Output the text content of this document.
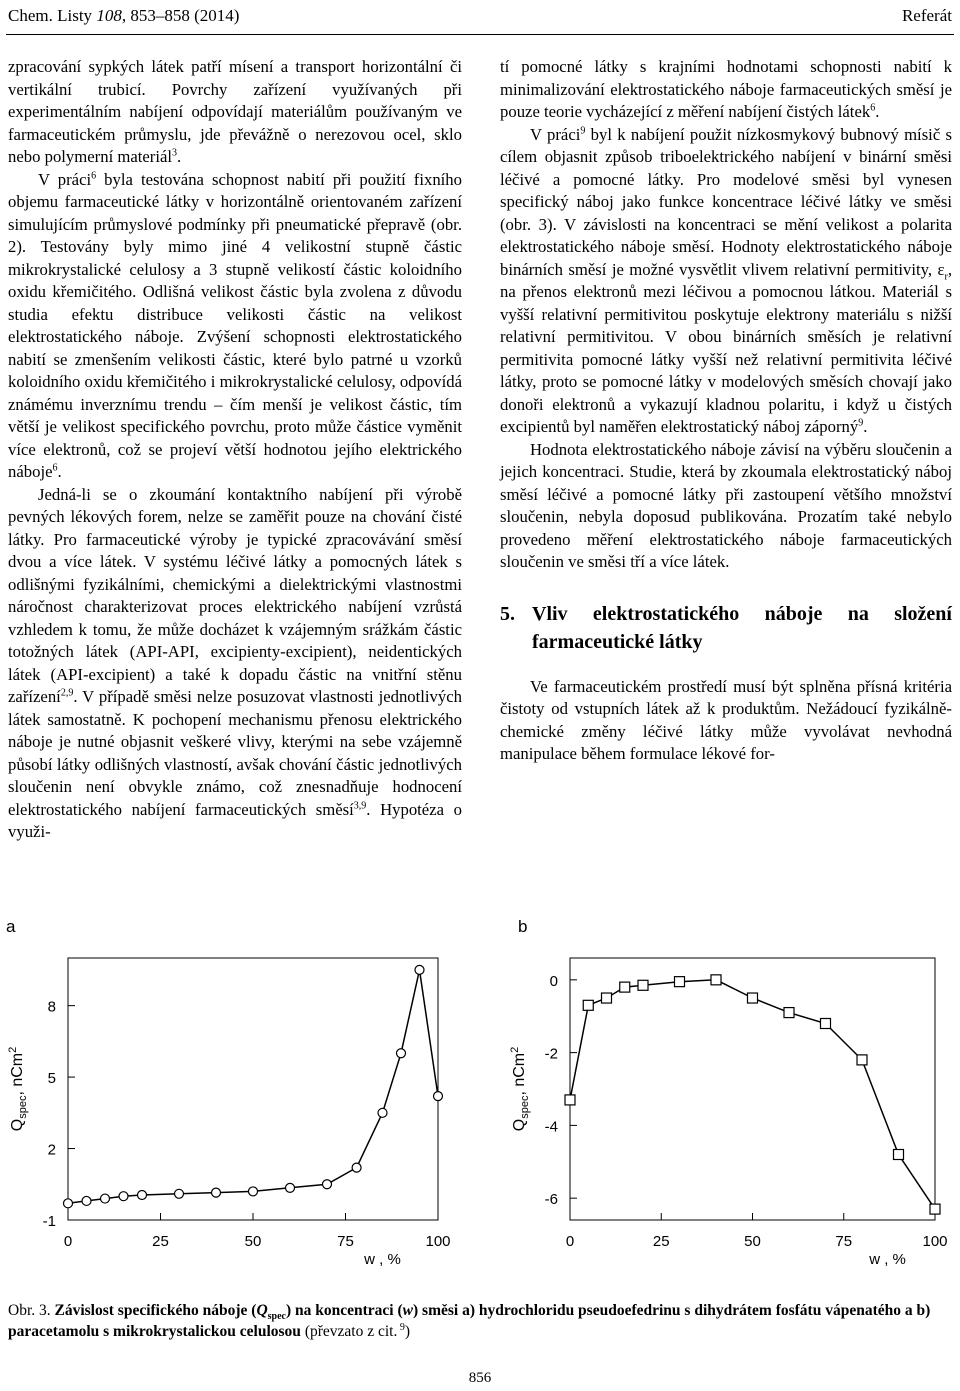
Chem. Listy 108, 853–858 (2014)	Referát

zpracování sypkých látek patří mísení a transport horizontální či vertikální trubicí. Povrchy zařízení využívaných při experimentálním nabíjení odpovídají materiálům používaným ve farmaceutickém průmyslu, jde převážně o nerezovou ocel, sklo nebo polymerní materiál$^3$.

V práci$^6$ byla testována schopnost nabití při použití fixního objemu farmaceutické látky v horizontálně orientovaném zařízení simulujícím průmyslové podmínky při pneumatické přepravě (obr. 2). Testovány byly mimo jiné 4 velikostní stupně částic mikrokrystalické celulosy a 3 stupně velikostí částic koloidního oxidu křemičitého. Odlišná velikost částic byla zvolena z důvodu studia efektu distribuce velikosti částic na velikost elektrostatického náboje. Zvýšení schopnosti elektrostatického nabití se zmenšením velikosti částic, které bylo patrné u vzorků koloidního oxidu křemičitého i mikrokrystalické celulosy, odpovídá známému inverznímu trendu – čím menší je velikost částic, tím větší je velikost specifického povrchu, proto může částice vyměnit více elektronů, což se projeví větší hodnotou jejího elektrického náboje$^6$.

Jedná-li se o zkoumání kontaktního nabíjení při výrobě pevných lékových forem, nelze se zaměřit pouze na chování čisté látky. Pro farmaceutické výroby je typické zpracovávání směsí dvou a více látek. V systému léčivé látky a pomocných látek s odlišnými fyzikálními, chemickými a dielektrickými vlastnostmi náročnost charakterizovat proces elektrického nabíjení vzrůstá vzhledem k tomu, že může docházet k vzájemným srážkám částic totožných látek (API-API, excipienty-excipient), neidentických látek (API-excipient) a také k dopadu částic na vnitřní stěnu zařízení$^{2,9}$. V případě směsi nelze posuzovat vlastnosti jednotlivých látek samostatně. K pochopení mechanismu přenosu elektrického náboje je nutné objasnit veškeré vlivy, kterými na sebe vzájemně působí látky odlišných vlastností, avšak chování částic jednotlivých sloučenin není obvykle známo, což znesnadňuje hodnocení elektrostatického nabíjení farmaceutických směsí$^{3,9}$. Hypotéza o využi-

tí pomocné látky s krajními hodnotami schopnosti nabití k minimalizování elektrostatického náboje farmaceutických směsí je pouze teorie vycházející z měření nabíjení čistých látek$^6$.

V práci$^9$ byl k nabíjení použit nízkosmykový bubnový mísič s cílem objasnit způsob triboelektrického nabíjení v binární směsi léčivé a pomocné látky. Pro modelové směsi byl vynesen specifický náboj jako funkce koncentrace léčivé látky ve směsi (obr. 3). V závislosti na koncentraci se mění velikost a polarita elektrostatického náboje směsí. Hodnoty elektrostatického náboje binárních směsí je možné vysvětlit vlivem relativní permitivity, $\varepsilon_r$, na přenos elektronů mezi léčivou a pomocnou látkou. Materiál s vyšší relativní permitivitou poskytuje elektrony materiálu s nižší relativní permitivitou. V obou binárních směsích je relativní permitivita pomocné látky vyšší než relativní permitivita léčivé látky, proto se pomocné látky v modelových směsích chovají jako donoři elektronů a vykazují kladnou polaritu, i když u čistých excipientů byl naměřen elektrostatický náboj záporný$^9$.

Hodnota elektrostatického náboje závisí na výběru sloučenin a jejich koncentraci. Studie, která by zkoumala elektrostatický náboj směsí léčivé a pomocné látky při zastoupení většího množství sloučenin, nebyla doposud publikována. Prozatím také nebylo provedeno měření elektrostatického náboje farmaceutických sloučenin ve směsi tří a více látek.

5. Vliv elektrostatického náboje na složení farmaceutické látky

Ve farmaceutickém prostředí musí být splněna přísná kritéria čistoty od vstupních látek až k produktům. Nežádoucí fyzikálně-chemické změny léčivé látky může vyvolávat nevhodná manipulace během formulace lékové for-

a
8
5
2
-1
0	25	50	75	100
w , %
$Q_{spec}$, nCm$^2$
b
0
-2
-4
-6
0	25	50	75	100
w , %
$Q_{spec}$, nCm$^2$
Obr. 3. Závislost specifického náboje $(Q_{spec})$ na koncentraci (w) směsi a) hydrochloridu pseudoefedrinu s dihydrátem fosfátu vápenatého a b) paracetamolu s mikrokrystalickou celulosou (převzato z cit. $^9$)
856
